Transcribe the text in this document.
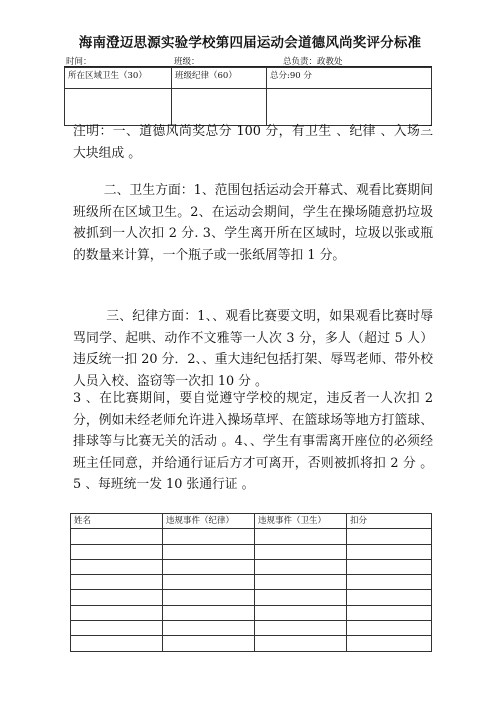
海南澄迈思源实验学校第四届运动会道德风尚奖评分标准
时间：	班级：	总负责：政教处
所在区域卫生（30）	班级纪律（60）	总分:90 分

注明：一、道德风尚奖总分 100 分，有卫生 、纪律 、入场三大块组成 。

二、卫生方面：1、范围包括运动会开幕式、观看比赛期间班级所在区域卫生。2、在运动会期间，学生在操场随意扔垃圾被抓到一人次扣 2 分. 3、学生离开所在区域时，垃圾以张或瓶的数量来计算，一个瓶子或一张纸屑等扣 1 分。

三、纪律方面：1、、观看比赛要文明，如果观看比赛时辱骂同学、起哄、动作不文雅等一人次 3 分，多人（超过 5 人）违反统一扣 20 分．2、、重大违纪包括打架、辱骂老师、带外校人员入校、盗窃等一次扣 10 分 。

3 、在比赛期间，要自觉遵守学校的规定，违反者一人次扣 2 分，例如未经老师允许进入操场草坪、在篮球场等地方打篮球、排球等与比赛无关的活动 。4、、学生有事需离开座位的必须经班主任同意，并给通行证后方才可离开，否则被抓将扣 2 分 。5 、每班统一发 10 张通行证 。

姓名	违规事件（纪律）	违规事件（卫生）	扣分
